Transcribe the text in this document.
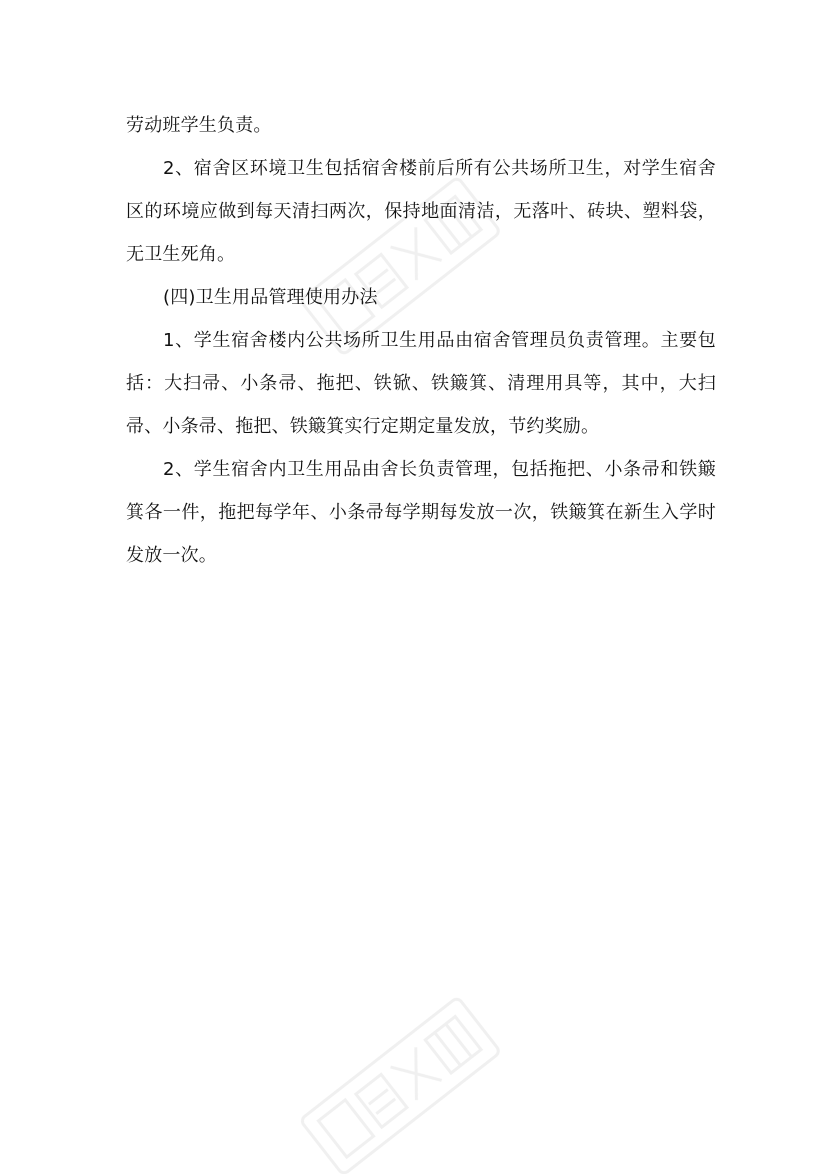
劳动班学生负责。

2、宿舍区环境卫生包括宿舍楼前后所有公共场所卫生，对学生宿舍区的环境应做到每天清扫两次，保持地面清洁，无落叶、砖块、塑料袋，无卫生死角。

(四)卫生用品管理使用办法

1、学生宿舍楼内公共场所卫生用品由宿舍管理员负责管理。主要包括：大扫帚、小条帚、拖把、铁锨、铁簸箕、清理用具等，其中，大扫帚、小条帚、拖把、铁簸箕实行定期定量发放，节约奖励。

2、学生宿舍内卫生用品由舍长负责管理，包括拖把、小条帚和铁簸箕各一件，拖把每学年、小条帚每学期每发放一次，铁簸箕在新生入学时发放一次。
